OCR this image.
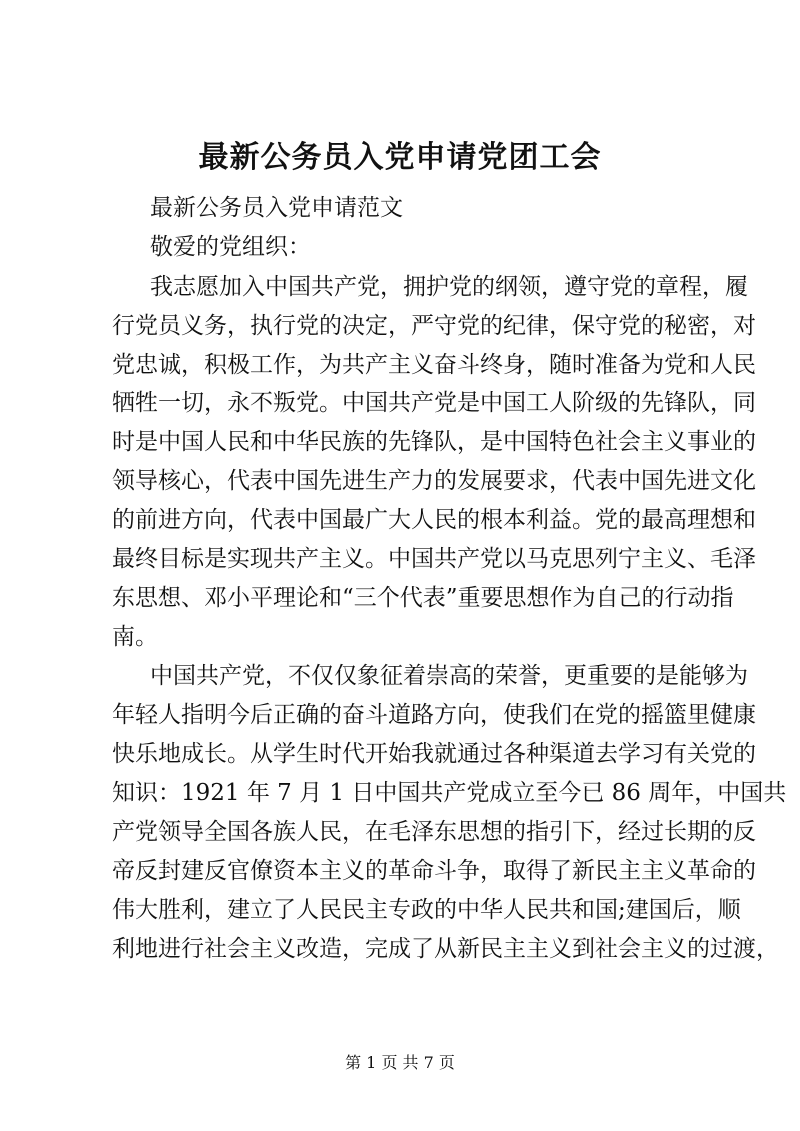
最新公务员入党申请党团工会
最新公务员入党申请范文
敬爱的党组织：
我志愿加入中国共产党，拥护党的纲领，遵守党的章程，履
行党员义务，执行党的决定，严守党的纪律，保守党的秘密，对
党忠诚，积极工作，为共产主义奋斗终身，随时准备为党和人民
牺牲一切，永不叛党。中国共产党是中国工人阶级的先锋队，同
时是中国人民和中华民族的先锋队，是中国特色社会主义事业的
领导核心，代表中国先进生产力的发展要求，代表中国先进文化
的前进方向，代表中国最广大人民的根本利益。党的最高理想和
最终目标是实现共产主义。中国共产党以马克思列宁主义、毛泽
东思想、邓小平理论和“三个代表”重要思想作为自己的行动指
南。
中国共产党，不仅仅象征着崇高的荣誉，更重要的是能够为
年轻人指明今后正确的奋斗道路方向，使我们在党的摇篮里健康
快乐地成长。从学生时代开始我就通过各种渠道去学习有关党的
知识：1921 年 7 月 1 日中国共产党成立至今已 86 周年，中国共
产党领导全国各族人民，在毛泽东思想的指引下，经过长期的反
帝反封建反官僚资本主义的革命斗争，取得了新民主主义革命的
伟大胜利，建立了人民民主专政的中华人民共和国;建国后，顺
利地进行社会主义改造，完成了从新民主主义到社会主义的过渡，
第 1 页 共 7 页
